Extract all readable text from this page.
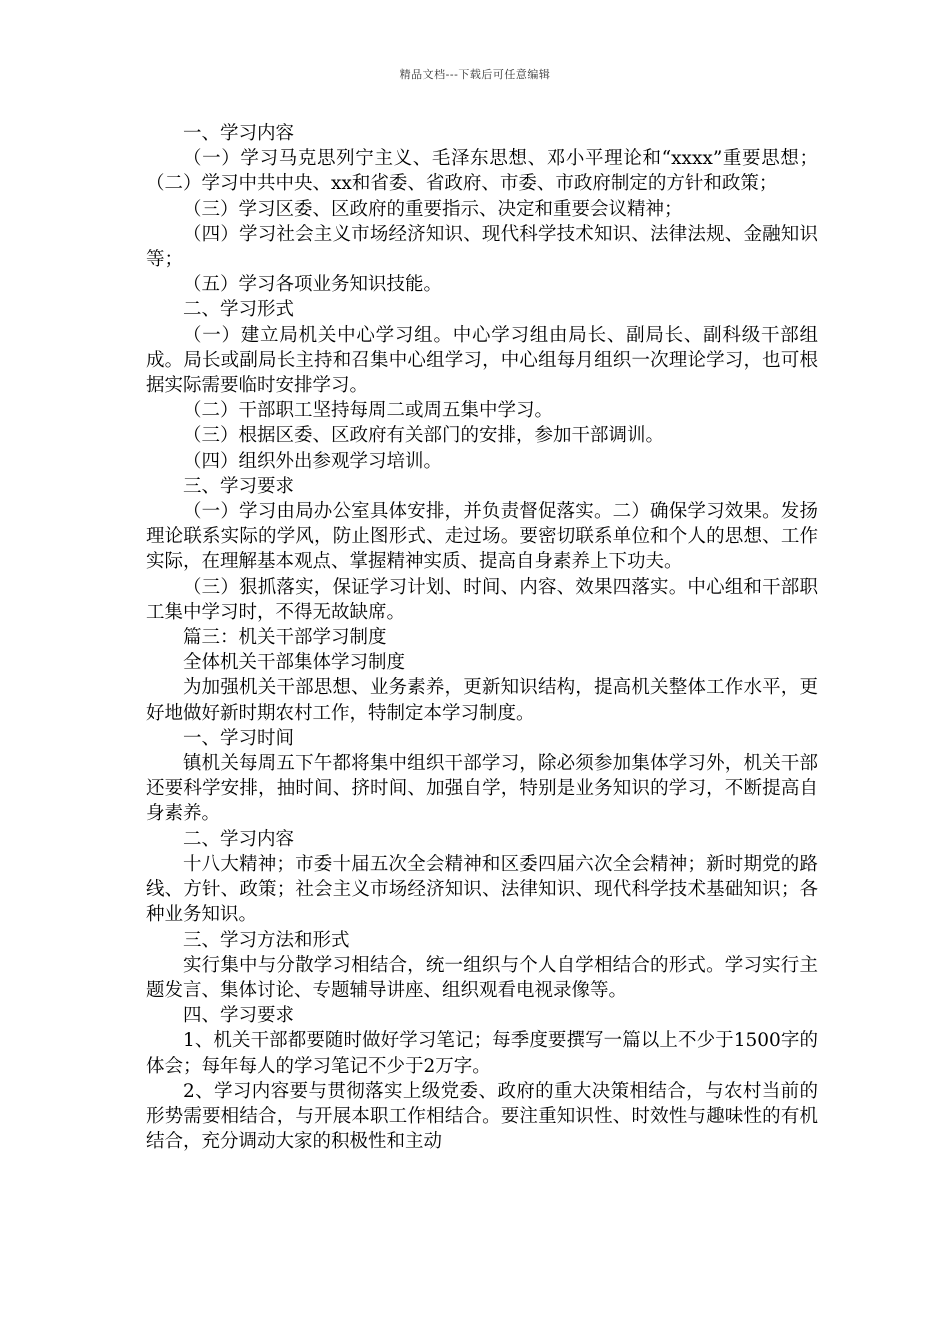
精品文档---下载后可任意编辑

一、学习内容

（一）学习马克思列宁主义、毛泽东思想、邓小平理论和“xxxx”重要思想；（二）学习中共中央、xx和省委、省政府、市委、市政府制定的方针和政策；

（三）学习区委、区政府的重要指示、决定和重要会议精神；

（四）学习社会主义市场经济知识、现代科学技术知识、法律法规、金融知识等；

（五）学习各项业务知识技能。

二、学习形式

（一）建立局机关中心学习组。中心学习组由局长、副局长、副科级干部组成。局长或副局长主持和召集中心组学习，中心组每月组织一次理论学习，也可根据实际需要临时安排学习。

（二）干部职工坚持每周二或周五集中学习。

（三）根据区委、区政府有关部门的安排，参加干部调训。

（四）组织外出参观学习培训。

三、学习要求

（一）学习由局办公室具体安排，并负责督促落实。二）确保学习效果。发扬理论联系实际的学风，防止图形式、走过场。要密切联系单位和个人的思想、工作实际，在理解基本观点、掌握精神实质、提高自身素养上下功夫。

（三）狠抓落实，保证学习计划、时间、内容、效果四落实。中心组和干部职工集中学习时，不得无故缺席。

篇三：机关干部学习制度

全体机关干部集体学习制度

为加强机关干部思想、业务素养，更新知识结构，提高机关整体工作水平，更好地做好新时期农村工作，特制定本学习制度。

一、学习时间

镇机关每周五下午都将集中组织干部学习，除必须参加集体学习外，机关干部还要科学安排，抽时间、挤时间、加强自学，特别是业务知识的学习，不断提高自身素养。

二、学习内容

十八大精神；市委十届五次全会精神和区委四届六次全会精神；新时期党的路线、方针、政策；社会主义市场经济知识、法律知识、现代科学技术基础知识；各种业务知识。

三、学习方法和形式

实行集中与分散学习相结合，统一组织与个人自学相结合的形式。学习实行主题发言、集体讨论、专题辅导讲座、组织观看电视录像等。

四、学习要求

1、机关干部都要随时做好学习笔记；每季度要撰写一篇以上不少于1500字的体会；每年每人的学习笔记不少于2万字。

2、学习内容要与贯彻落实上级党委、政府的重大决策相结合，与农村当前的形势需要相结合，与开展本职工作相结合。要注重知识性、时效性与趣味性的有机结合，充分调动大家的积极性和主动
